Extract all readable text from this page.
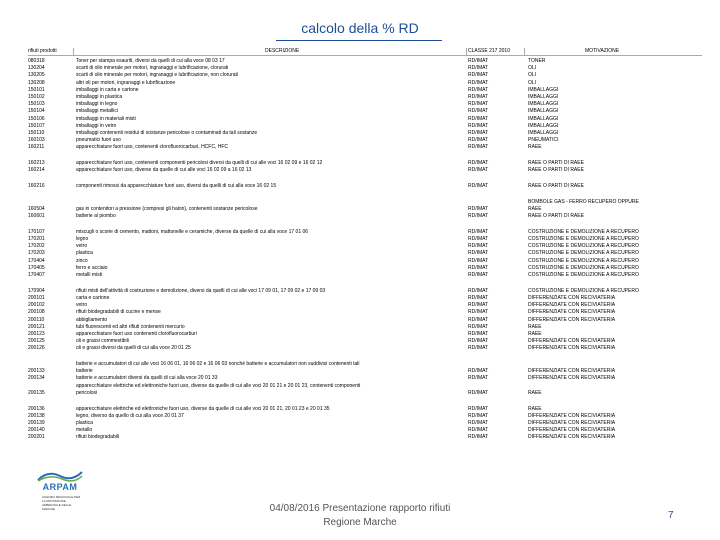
calcolo della % RD
rifiuti prodotti	DESCRIZIONE	CLASSE 217 2010	MOTIVAZIONE
080318	Toner per stampa esauriti, diversi da quelli di cui alla voce 08 03 17	RD/IMAT	TONER
130204	scarti di olio minerale per motori, ingranaggi e lubrificazione, clorurati	RD/IMAT	OLI
130205	scarti di olio minerale per motori, ingranaggi e lubrificazione, non clorurati	RD/IMAT	OLI
130208	altri oli per motori, ingranaggi e lubrificazione	RD/IMAT	OLI
150101	imballaggi in carta e cartone	RD/IMAT	IMBALLAGGI
150102	imballaggi in plastica	RD/IMAT	IMBALLAGGI
150103	imballaggi in legno	RD/IMAT	IMBALLAGGI
150104	imballaggi metallici	RD/IMAT	IMBALLAGGI
150106	imballaggi in materiali misti	RD/IMAT	IMBALLAGGI
150107	imballaggi in vetro	RD/IMAT	IMBALLAGGI
150110	imballaggi contenenti residui di sostanze pericolose o contaminati da tali sostanze	RD/IMAT	IMBALLAGGI
160103	pneumatici fuori uso	RD/IMAT	PNEUMATICI
160211	apparecchiature fuori uso, contenenti clorofluorocarburi, HCFC, HFC	RD/IMAT	RAEE
160213	apparecchiature fuori uso, contenenti componenti pericolosi diversi da quelli di cui alle voci 16 02 09 e 16 02 12	RD/IMAT	RAEE O PARTI DI RAEE
160214	apparecchiature fuori uso, diverse da quelle di cui alle voci 16 02 09 a 16 02 13	RD/IMAT	RAEE O PARTI DI RAEE
160216	componenti rimossi da apparecchiature fuori uso, diversi da quelli di cui alla voce 16 02 15	RD/IMAT	RAEE O PARTI DI RAEE
BOMBOLE GAS - FERRO RECUPERO OPPURE
160504	gas in contenitori a pressione (compresi gli halon), contenenti sostanze pericolose	RD/IMAT	RAEE
160601	batterie al piombo	RD/IMAT	RAEE O PARTI DI RAEE
170107	miscugli o scorie di cemento, mattoni, mattonelle e ceramiche, diverse da quelle di cui alla voce 17 01 06	RD/IMAT	COSTRUZIONE E DEMOLIZIONE A RECUPERO
170201	legno	RD/IMAT	COSTRUZIONE E DEMOLIZIONE A RECUPERO
170202	vetro	RD/IMAT	COSTRUZIONE E DEMOLIZIONE A RECUPERO
170203	plastica	RD/IMAT	COSTRUZIONE E DEMOLIZIONE A RECUPERO
170404	zinco	RD/IMAT	COSTRUZIONE E DEMOLIZIONE A RECUPERO
170405	ferro e acciaio	RD/IMAT	COSTRUZIONE E DEMOLIZIONE A RECUPERO
170407	metalli misti	RD/IMAT	COSTRUZIONE E DEMOLIZIONE A RECUPERO
170904	rifiuti misti dell'attività di costruzione e demolizione, diversi da quelli di cui alle voci 17 09 01, 17 09 02 e 17 09 03	RD/IMAT	COSTRUZIONE E DEMOLIZIONE A RECUPERO
200101	carta e cartone	RD/IMAT	DIFFERENZIATE CON RECIVIATERIA
200102	vetro	RD/IMAT	DIFFERENZIATE CON RECIVIATERIA
200108	rifiuti biodegradabili di cucine e mense	RD/IMAT	DIFFERENZIATE CON RECIVIATERIA
200110	abbigliamento	RD/IMAT	DIFFERENZIATE CON RECIVIATERIA
200121	tubi fluorescenti ed altri rifiuti contenenti mercurio	RD/IMAT	RAEE
200123	apparecchiature fuori uso contenenti clorofluorocarburi	RD/IMAT	RAEE
200125	oli e grassi commestibili	RD/IMAT	DIFFERENZIATE CON RECIVIATERIA
200126	oli e grassi diversi da quelli di cui alla voce 20 01 25	RD/IMAT	DIFFERENZIATE CON RECIVIATERIA
batterie e accumulatori di cui alle voci 16 06 01, 16 06 02 e 16 06 03 nonché batterie e accumulatori non suddivisi contenenti tali
200133	batterie	RD/IMAT	DIFFERENZIATE CON RECIVIATERIA
200134	batterie e accumulatori diversi da quelli di cui alla voce 20 01 33	RD/IMAT	DIFFERENZIATE CON RECIVIATERIA
apparecchiature elettriche ed elettroniche fuori uso, diverse da quelle di cui alle voci 20 01 21 e 20 01 23, contenenti componenti
200135	pericolosi	RD/IMAT	RAEE
200136	apparecchiature elettriche ed elettroniche fuori uso, diverse da quelle di cui alle voci 20 01 21, 20 01 23 e 20 01 35	RD/IMAT	RAEE
200138	legno, diverso da quello di cui alla voce 20 01 37	RD/IMAT	DIFFERENZIATE CON RECIVIATERIA
200139	plastica	RD/IMAT	DIFFERENZIATE CON RECIVIATERIA
200140	metallo	RD/IMAT	DIFFERENZIATE CON RECIVIATERIA
200201	rifiuti biodegradabili	RD/IMAT	DIFFERENZIATE CON RECIVIATERIA
ARPAM
AGENZIA REGIONALE PER LA PROTEZIONE AMBIENTALE DELLE MARCHE	04/08/2016 Presentazione rapporto rifiuti
Regione Marche
7
